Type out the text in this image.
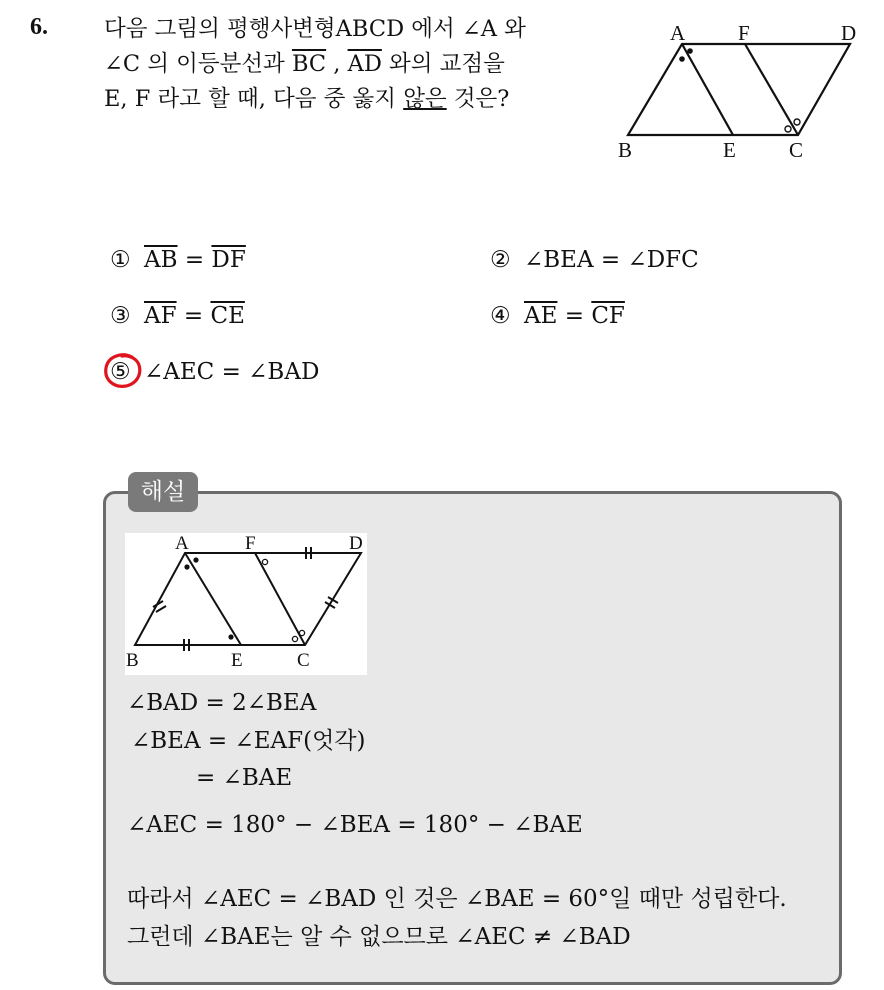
6. 다음 그림의 평행사변형ABCD 에서 ∠A 와
∠C 의 이등분선과 $\overline{BC}$ , $\overline{AD}$ 와의 교점을
E, F 라고 할 때, 다음 중 옳지 않은 것은?
A	F	D
B	E	C
① $\overline{AB} = \overline{DF}$	② ∠BEA = ∠DFC
③ $\overline{AF} = \overline{CE}$	④ $\overline{AE} = \overline{CF}$
⑤ ∠AEC = ∠BAD
해설
A	F	D
B	E	C
∠BAD = 2∠BEA
∠BEA = ∠EAF(엇각)
= ∠BAE
∠AEC = 180° − ∠BEA = 180° − ∠BAE
따라서 ∠AEC = ∠BAD 인 것은 ∠BAE = 60°일 때만 성립한다.
그런데 ∠BAE는 알 수 없으므로 ∠AEC ≠ ∠BAD
